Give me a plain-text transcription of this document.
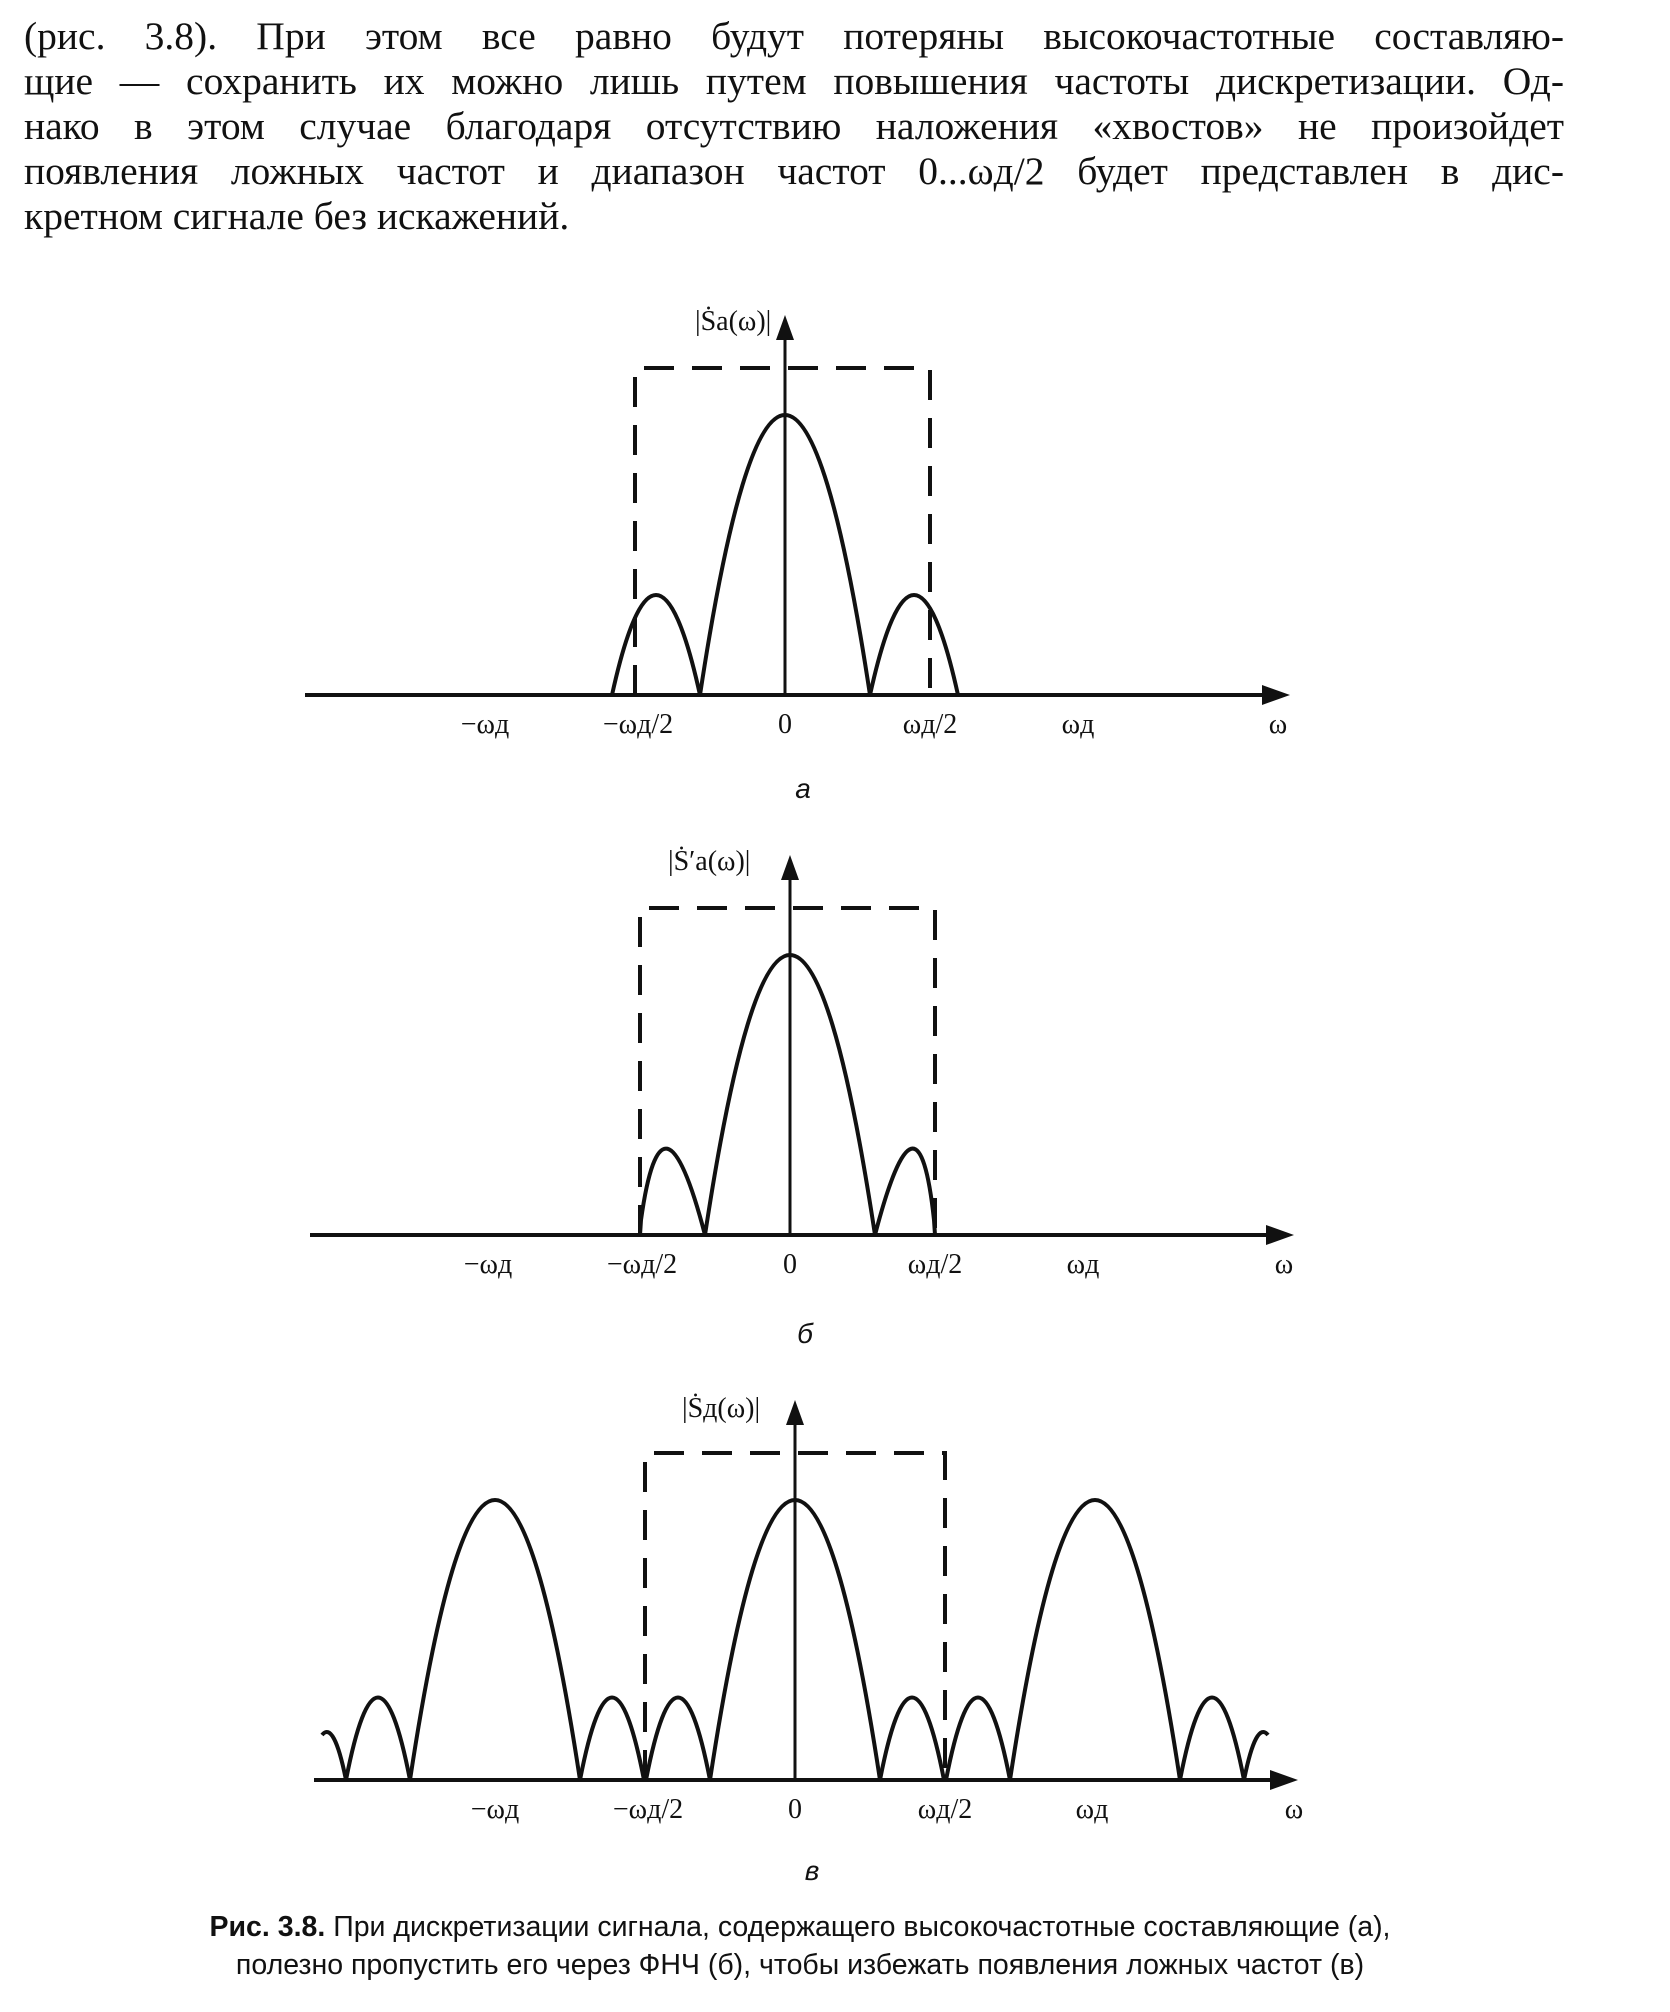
(рис. 3.8). При этом все равно будут потеряны высокочастотные составляю-
щие — сохранить их можно лишь путем повышения частоты дискретизации. Од-
нако в этом случае благодаря отсутствию наложения «хвостов» не произойдет
появления ложных частот и диапазон частот 0...ωд/2 будет представлен в дис-
кретном сигнале без искажений.
|Ṡа(ω)|
−ωд	−ωд/2	0	ωд/2	ωд	ω
а
|Ṡ′а(ω)|
−ωд	−ωд/2	0	ωд/2	ωд	ω
б
|Ṡд(ω)|
−ωд	−ωд/2	0	ωд/2	ωд	ω
в
Рис. 3.8. При дискретизации сигнала, содержащего высокочастотные составляющие (а),
полезно пропустить его через ФНЧ (б), чтобы избежать появления ложных частот (в)
